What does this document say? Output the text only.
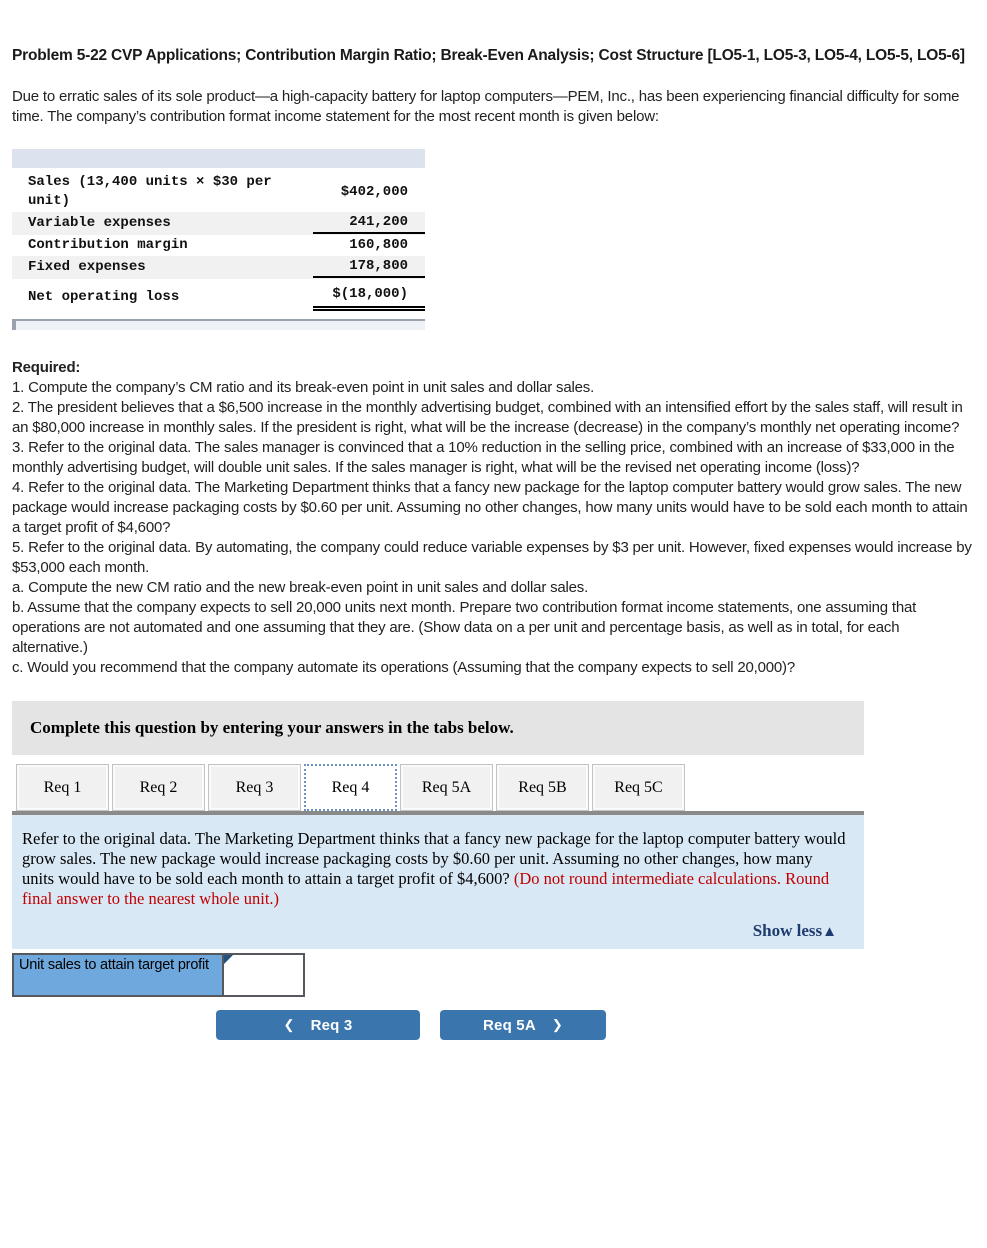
Problem 5-22 CVP Applications; Contribution Margin Ratio; Break-Even Analysis; Cost Structure [LO5-1, LO5-3, LO5-4, LO5-5, LO5-6]

Due to erratic sales of its sole product—a high-capacity battery for laptop computers—PEM, Inc., has been experiencing financial difficulty for some time. The company’s contribution format income statement for the most recent month is given below:

Sales (13,400 units × $30 per unit)
$402,000
Variable expenses	241,200
Contribution margin	160,800
Fixed expenses	178,800
Net operating loss	$(18,000)
Required:

1. Compute the company’s CM ratio and its break-even point in unit sales and dollar sales.

2. The president believes that a $6,500 increase in the monthly advertising budget, combined with an intensified effort by the sales staff, will result in an $80,000 increase in monthly sales. If the president is right, what will be the increase (decrease) in the company’s monthly net operating income?

3. Refer to the original data. The sales manager is convinced that a 10% reduction in the selling price, combined with an increase of $33,000 in the monthly advertising budget, will double unit sales. If the sales manager is right, what will be the revised net operating income (loss)?

4. Refer to the original data. The Marketing Department thinks that a fancy new package for the laptop computer battery would grow sales. The new package would increase packaging costs by $0.60 per unit. Assuming no other changes, how many units would have to be sold each month to attain a target profit of $4,600?

5. Refer to the original data. By automating, the company could reduce variable expenses by $3 per unit. However, fixed expenses would increase by $53,000 each month.

a. Compute the new CM ratio and the new break-even point in unit sales and dollar sales.

b. Assume that the company expects to sell 20,000 units next month. Prepare two contribution format income statements, one assuming that operations are not automated and one assuming that they are. (Show data on a per unit and percentage basis, as well as in total, for each alternative.)

c. Would you recommend that the company automate its operations (Assuming that the company expects to sell 20,000)?

Complete this question by entering your answers in the tabs below.
Req 1	Req 2	Req 3	Req 4	Req 5A	Req 5B	Req 5C
Refer to the original data. The Marketing Department thinks that a fancy new package for the laptop computer battery would grow sales. The new package would increase packaging costs by $0.60 per unit. Assuming no other changes, how many units would have to be sold each month to attain a target profit of $4,600? (Do not round intermediate calculations. Round final answer to the nearest whole unit.)
Show less▲
Unit sales to attain target profit
❮ Req 3	Req 5A ❯
